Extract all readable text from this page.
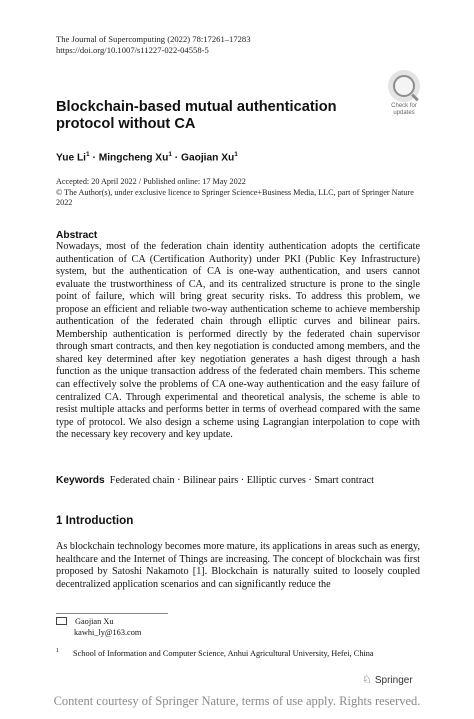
The Journal of Supercomputing (2022) 78:17261–17283
https://doi.org/10.1007/s11227-022-04558-5
Check for
updates
Blockchain-based mutual authentication protocol without CA
Yue $Li^1$ · Mingcheng $Xu^1$ · Gaojian Xu$^1$
Accepted: 20 April 2022 / Published online: 17 May 2022
© The Author(s), under exclusive licence to Springer Science+Business Media, LLC, part of Springer Nature 2022
Abstract
Nowadays, most of the federation chain identity authentication adopts the certificate authentication of CA (Certification Authority) under PKI (Public Key Infrastructure) system, but the authentication of CA is one-way authentication, and users cannot evaluate the trustworthiness of CA, and its centralized structure is prone to the single point of failure, which will bring great security risks. To address this problem, we propose an efficient and reliable two-way authentication scheme to achieve membership authentication of the federated chain through elliptic curves and bilinear pairs. Membership authentication is performed directly by the federated chain supervisor through smart contracts, and then key negotiation is conducted among members, and the shared key determined after key negotiation generates a hash digest through a hash function as the unique transaction address of the federated chain members. This scheme can effectively solve the problems of CA one-way authentication and the easy failure of centralized CA. Through experimental and theoretical analysis, the scheme is able to resist multiple attacks and performs better in terms of overhead compared with the same type of protocol. We also design a scheme using Lagrangian interpolation to cope with the necessary key recovery and key update.
Keywords Federated chain · Bilinear pairs · Elliptic curves · Smart contract
1 Introduction
As blockchain technology becomes more mature, its applications in areas such as energy, healthcare and the Internet of Things are increasing. The concept of blockchain was first proposed by Satoshi Nakamoto [1]. Blockchain is naturally suited to loosely coupled decentralized application scenarios and can significantly reduce the
Gaojian Xu
kawhi_ly@163.com
$^1$ School of Information and Computer Science, Anhui Agricultural University, Hefei, China
♘ Springer
Content courtesy of Springer Nature, terms of use apply. Rights reserved.
